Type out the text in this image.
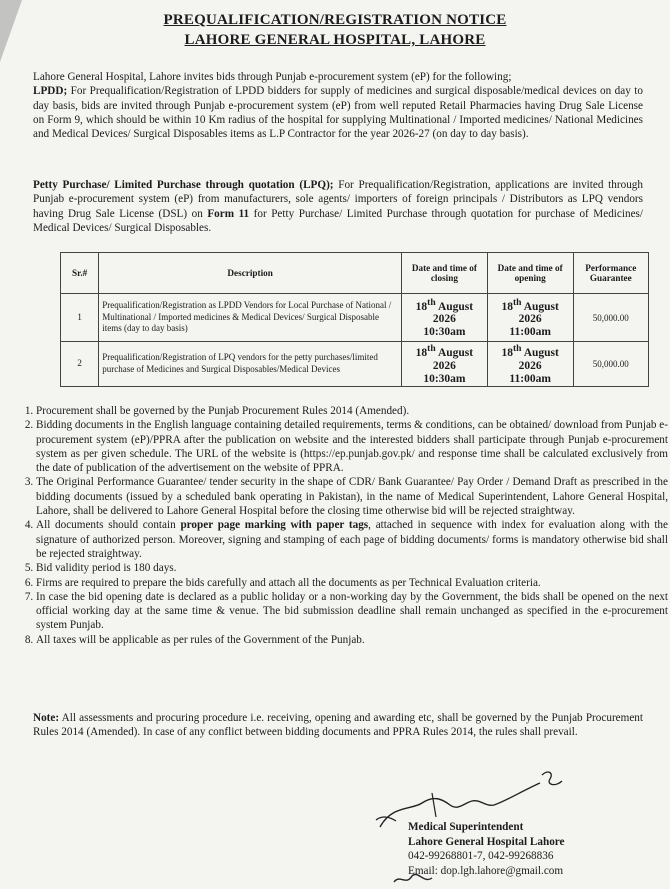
PREQUALIFICATION/REGISTRATION NOTICE
LAHORE GENERAL HOSPITAL, LAHORE
Lahore General Hospital, Lahore invites bids through Punjab e-procurement system (eP) for the following;
LPDD; For Prequalification/Registration of LPDD bidders for supply of medicines and surgical disposable/medical devices on day to day basis, bids are invited through Punjab e-procurement system (eP) from well reputed Retail Pharmacies having Drug Sale License on Form 9, which should be within 10 Km radius of the hospital for supplying Multinational / Imported medicines/ National Medicines and Medical Devices/ Surgical Disposables items as L.P Contractor for the year 2026-27 (on day to day basis).
Petty Purchase/ Limited Purchase through quotation (LPQ); For Prequalification/Registration, applications are invited through Punjab e-procurement system (eP) from manufacturers, sole agents/ importers of foreign principals / Distributors as LPQ vendors having Drug Sale License (DSL) on Form 11 for Petty Purchase/ Limited Purchase through quotation for purchase of Medicines/ Medical Devices/ Surgical Disposables.
Sr.#	Description	Date and time of closing	Date and time of opening	Performance Guarantee
1	Prequalification/Registration as LPDD Vendors for Local Purchase of National / Multinational / Imported medicines & Medical Devices/ Surgical Disposable items (day to day basis)	18th August
2026
10:30am	18th August
2026
11:00am	50,000.00
2	Prequalification/Registration of LPQ vendors for the petty purchases/limited purchase of Medicines and Surgical Disposables/Medical Devices	18th August
2026
10:30am	18th August
2026
11:00am	50,000.00
1. Procurement shall be governed by the Punjab Procurement Rules 2014 (Amended).
2. Bidding documents in the English language containing detailed requirements, terms & conditions, can be obtained/ download from Punjab e-procurement system (eP)/PPRA after the publication on website and the interested bidders shall participate through Punjab e-procurement system as per given schedule. The URL of the website is (https://ep.punjab.gov.pk/ and response time shall be calculated exclusively from the date of publication of the advertisement on the website of PPRA.
3. The Original Performance Guarantee/ tender security in the shape of CDR/ Bank Guarantee/ Pay Order / Demand Draft as prescribed in the bidding documents (issued by a scheduled bank operating in Pakistan), in the name of Medical Superintendent, Lahore General Hospital, Lahore, shall be delivered to Lahore General Hospital before the closing time otherwise bid will be rejected straightway.
4. All documents should contain proper page marking with paper tags, attached in sequence with index for evaluation along with the signature of authorized person. Moreover, signing and stamping of each page of bidding documents/ forms is mandatory otherwise bid shall be rejected straightway.
5. Bid validity period is 180 days.
6. Firms are required to prepare the bids carefully and attach all the documents as per Technical Evaluation criteria.
7. In case the bid opening date is declared as a public holiday or a non-working day by the Government, the bids shall be opened on the next official working day at the same time & venue. The bid submission deadline shall remain unchanged as specified in the e-procurement system Punjab.
8. All taxes will be applicable as per rules of the Government of the Punjab.
Note: All assessments and procuring procedure i.e. receiving, opening and awarding etc, shall be governed by the Punjab Procurement Rules 2014 (Amended). In case of any conflict between bidding documents and PPRA Rules 2014, the rules shall prevail.
Medical Superintendent
Lahore General Hospital Lahore
042-99268801-7, 042-99268836
Email: dop.lgh.lahore@gmail.com
